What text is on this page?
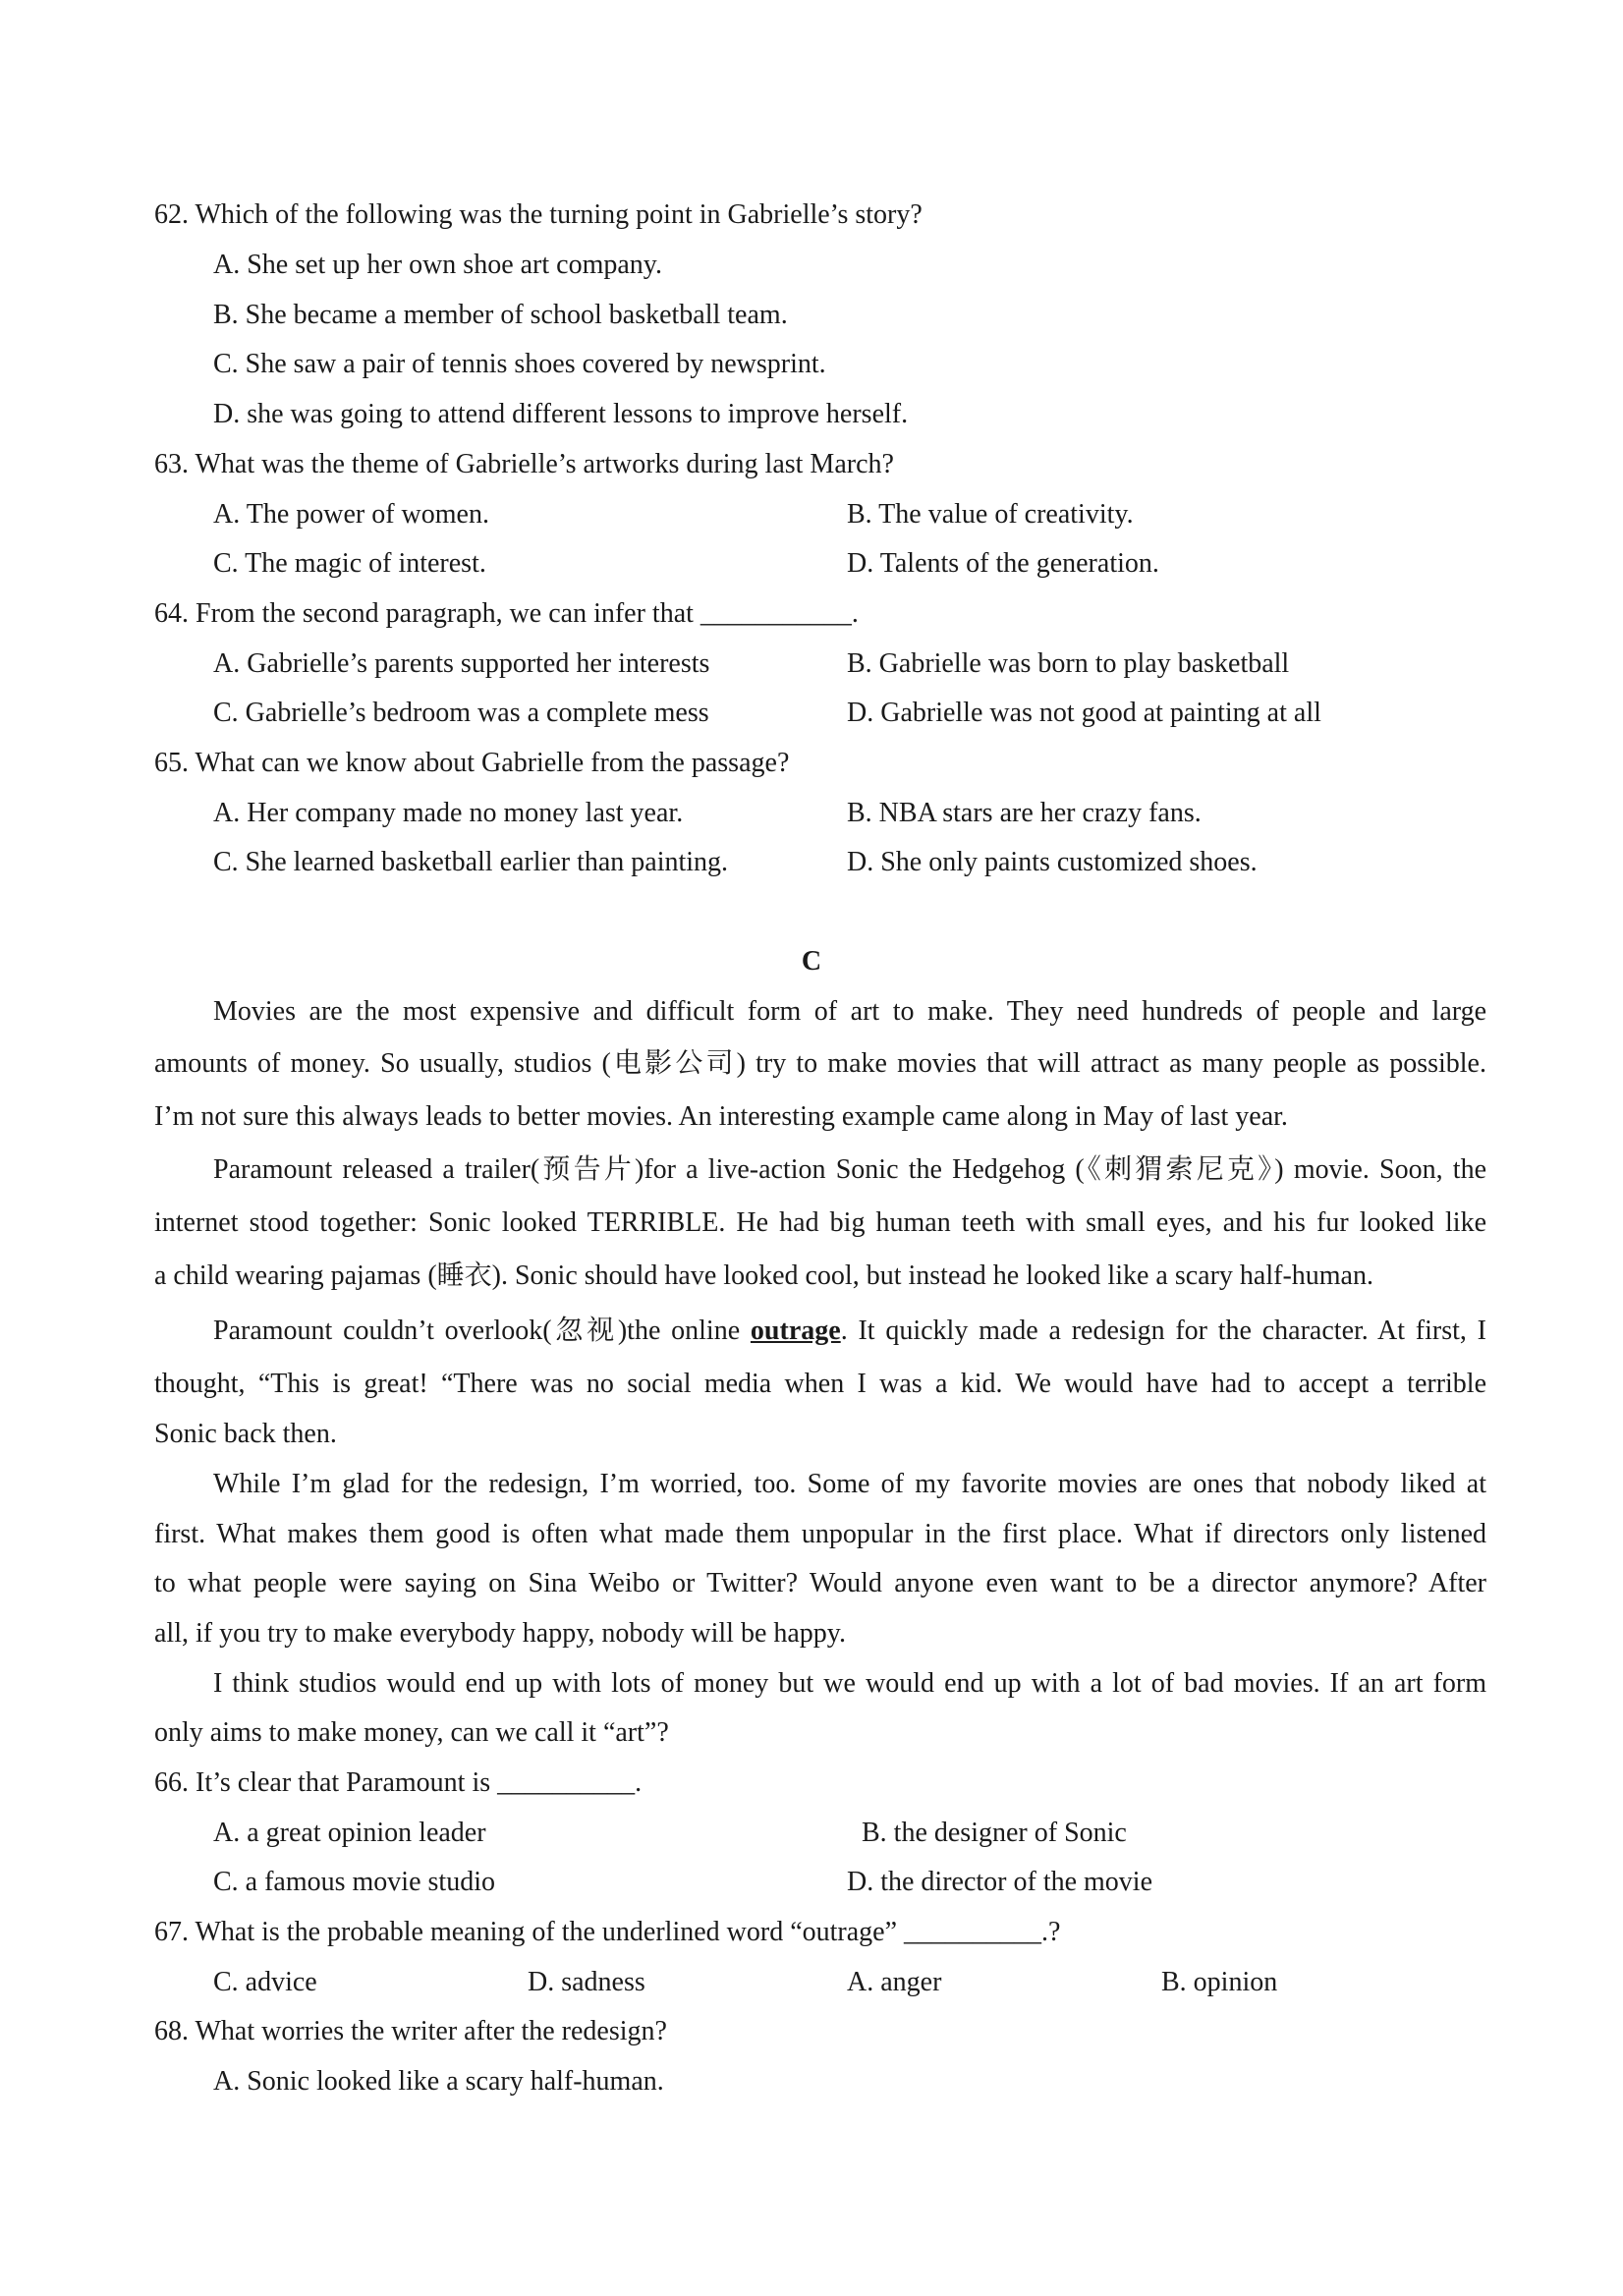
62. Which of the following was the turning point in Gabrielle’s story?
A. She set up her own shoe art company.
B. She became a member of school basketball team.
C. She saw a pair of tennis shoes covered by newsprint.
D. she was going to attend different lessons to improve herself.
63. What was the theme of Gabrielle’s artworks during last March?
A. The power of women.	B. The value of creativity.
C. The magic of interest.	D. Talents of the generation.
64. From the second paragraph, we can infer that ___________.
A. Gabrielle’s parents supported her interests	B. Gabrielle was born to play basketball
C. Gabrielle’s bedroom was a complete mess	D. Gabrielle was not good at painting at all
65. What can we know about Gabrielle from the passage?
A. Her company made no money last year.	B. NBA stars are her crazy fans.
C. She learned basketball earlier than painting.	D. She only paints customized shoes.
C
Movies are the most expensive and difficult form of art to make. They need hundreds of people and large
amounts of money. So usually, studios (电影公司) try to make movies that will attract as many people as possible.
I’m not sure this always leads to better movies. An interesting example came along in May of last year.
Paramount released a trailer(预告片)for a live-action Sonic the Hedgehog (《刺猬索尼克》) movie. Soon, the
internet stood together: Sonic looked TERRIBLE. He had big human teeth with small eyes, and his fur looked like
a child wearing pajamas (睡衣). Sonic should have looked cool, but instead he looked like a scary half-human.
Paramount couldn’t overlook(忽视)the online outrage. It quickly made a redesign for the character. At first, I
thought, “This is great! “There was no social media when I was a kid. We would have had to accept a terrible
Sonic back then.
While I’m glad for the redesign, I’m worried, too. Some of my favorite movies are ones that nobody liked at
first. What makes them good is often what made them unpopular in the first place. What if directors only listened
to what people were saying on Sina Weibo or Twitter? Would anyone even want to be a director anymore? After
all, if you try to make everybody happy, nobody will be happy.
I think studios would end up with lots of money but we would end up with a lot of bad movies. If an art form
only aims to make money, can we call it “art”?
66. It’s clear that Paramount is __________.
A. a great opinion leader	B. the designer of Sonic
C. a famous movie studio	D. the director of the movie
67. What is the probable meaning of the underlined word “outrage” __________.?
C. advice	D. sadness	A. anger	B. opinion
68. What worries the writer after the redesign?
A. Sonic looked like a scary half-human.
